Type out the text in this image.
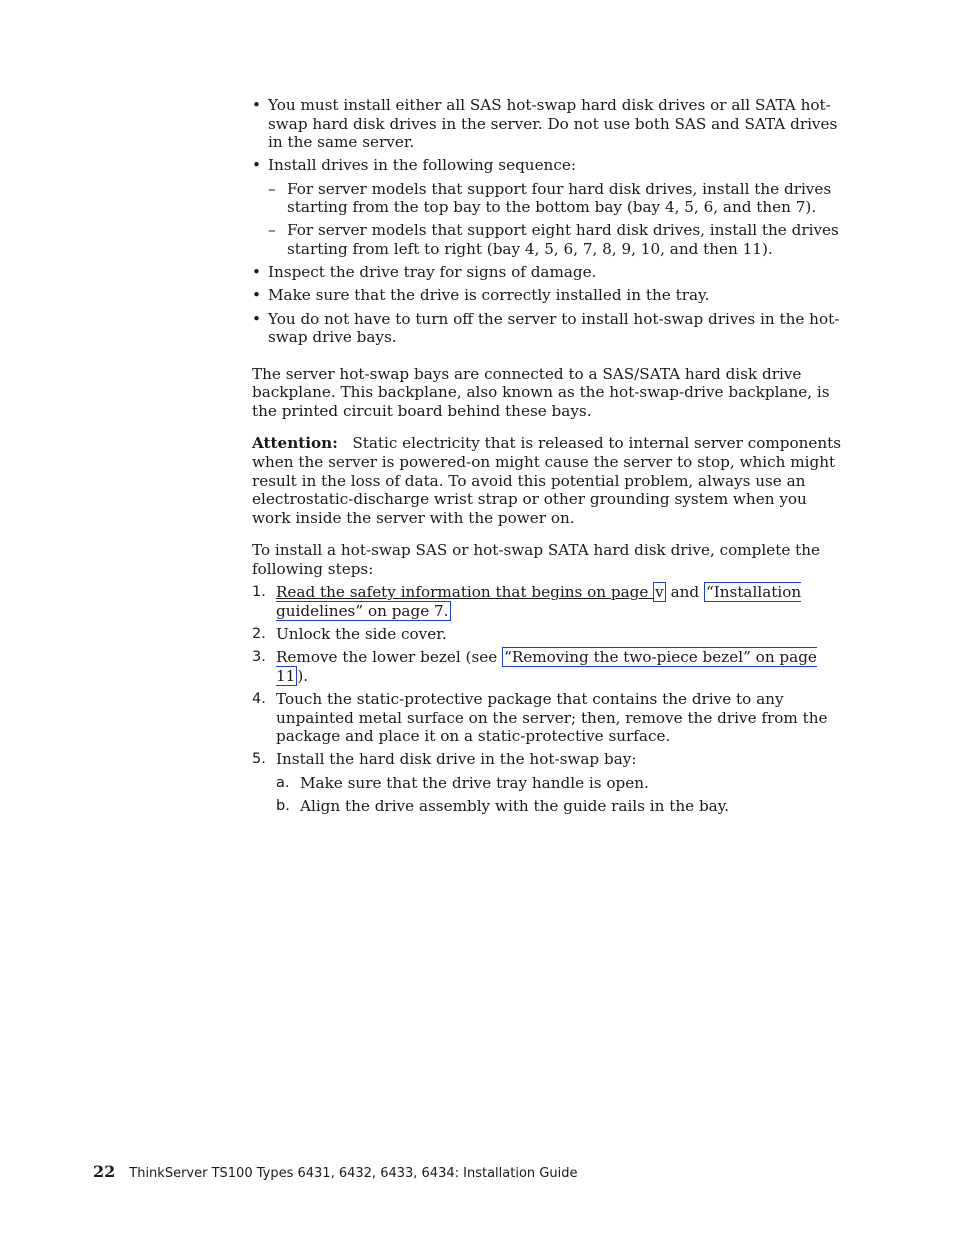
• You must install either all SAS hot-swap hard disk drives or all SATA hot-swap hard disk drives in the server. Do not use both SAS and SATA drives in the same server.
• Install drives in the following sequence:
– For server models that support four hard disk drives, install the drives starting from the top bay to the bottom bay (bay 4, 5, 6, and then 7).
– For server models that support eight hard disk drives, install the drives starting from left to right (bay 4, 5, 6, 7, 8, 9, 10, and then 11).
• Inspect the drive tray for signs of damage.
• Make sure that the drive is correctly installed in the tray.
• You do not have to turn off the server to install hot-swap drives in the hot-swap drive bays.

The server hot-swap bays are connected to a SAS/SATA hard disk drive backplane. This backplane, also known as the hot-swap-drive backplane, is the printed circuit board behind these bays.

Attention: Static electricity that is released to internal server components when the server is powered-on might cause the server to stop, which might result in the loss of data. To avoid this potential problem, always use an electrostatic-discharge wrist strap or other grounding system when you work inside the server with the power on.

To install a hot-swap SAS or hot-swap SATA hard disk drive, complete the following steps:

1. Read the safety information that begins on page v and “Installation guidelines” on page 7.
2. Unlock the side cover.
3. Remove the lower bezel (see “Removing the two-piece bezel” on page 11 ).
4. Touch the static-protective package that contains the drive to any unpainted metal surface on the server; then, remove the drive from the package and place it on a static-protective surface.
5. Install the hard disk drive in the hot-swap bay:
a. Make sure that the drive tray handle is open.
b. Align the drive assembly with the guide rails in the bay.
22 ThinkServer TS100 Types 6431, 6432, 6433, 6434: Installation Guide
